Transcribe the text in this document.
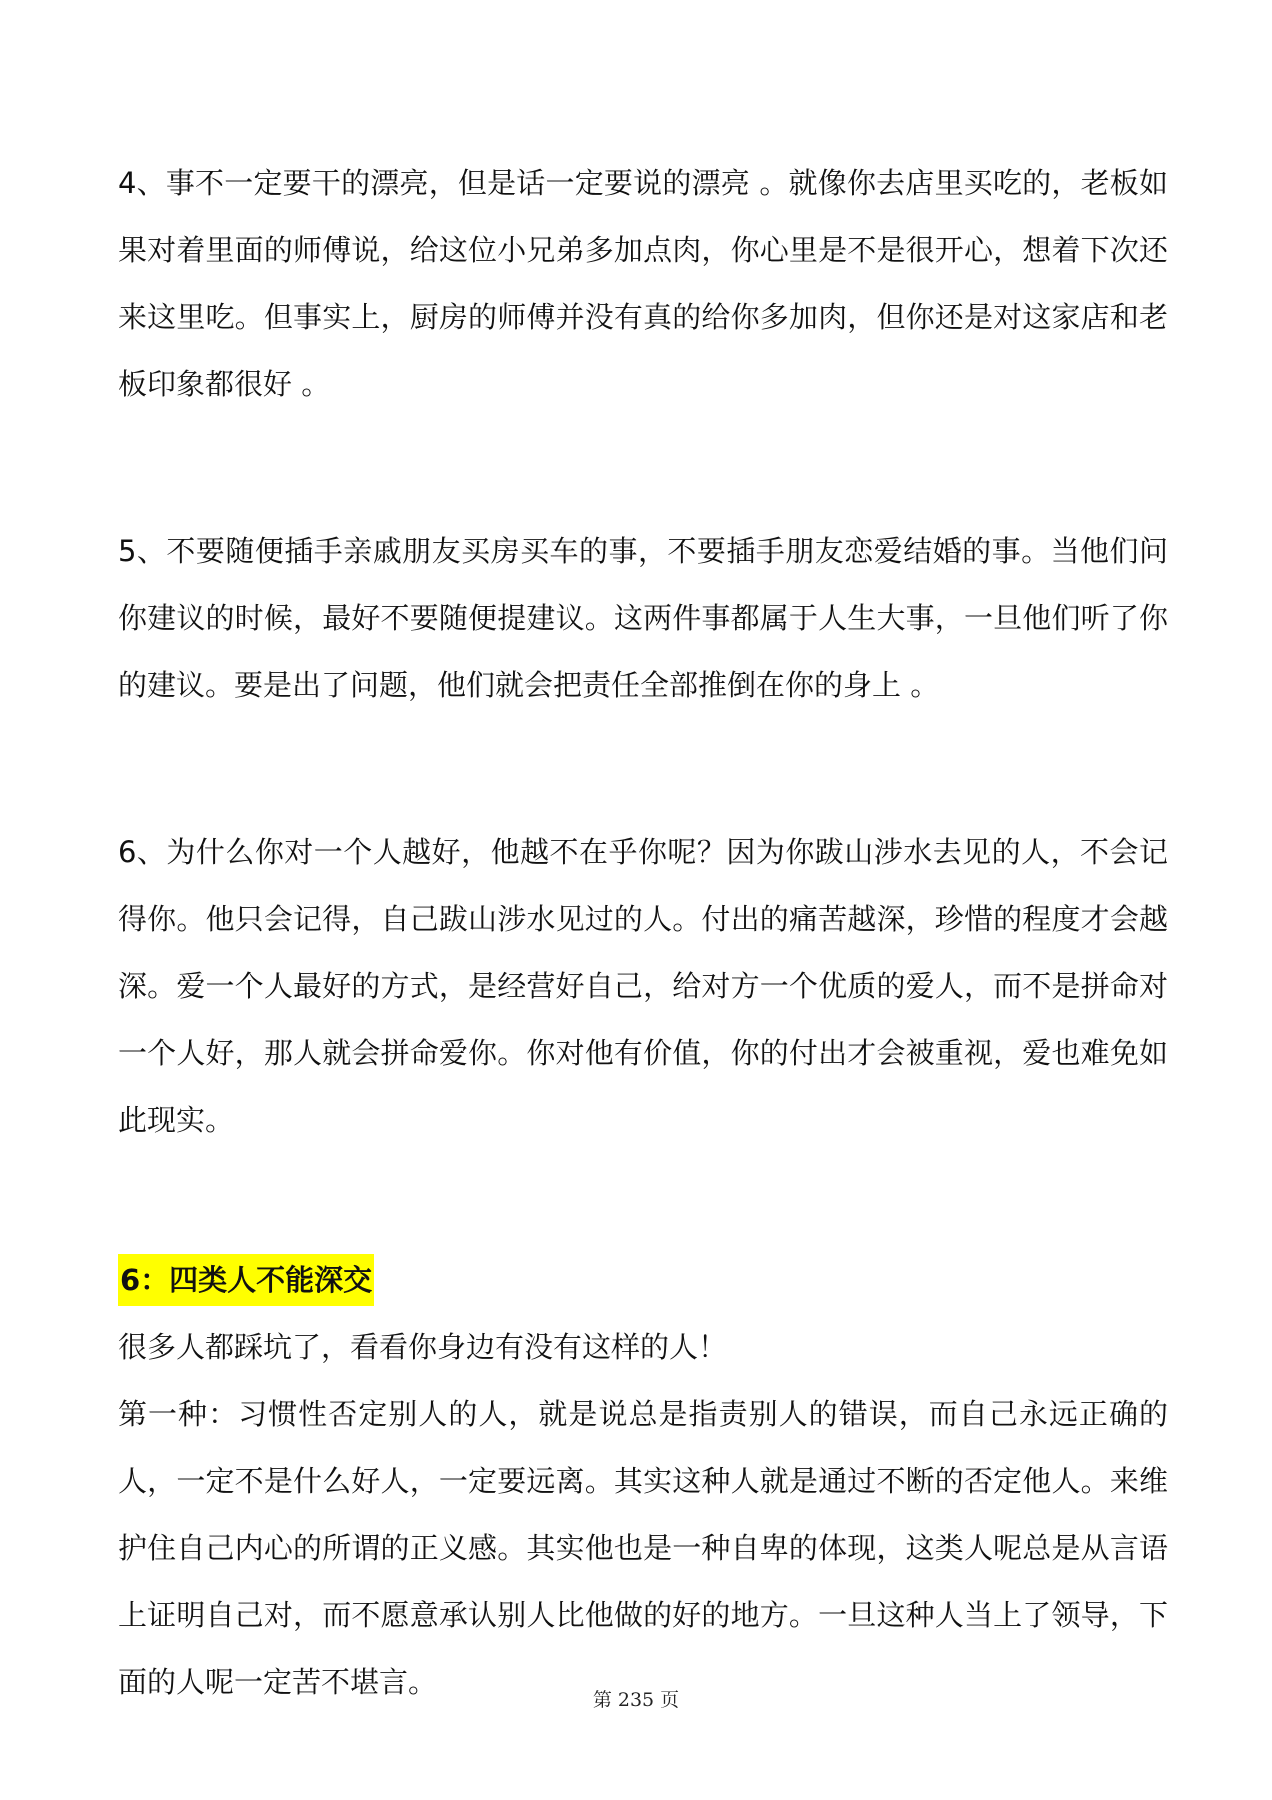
4、事不一定要干的漂亮，但是话一定要说的漂亮 。就像你去店里买吃的，老板如果对着里面的师傅说，给这位小兄弟多加点肉，你心里是不是很开心，想着下次还来这里吃。但事实上，厨房的师傅并没有真的给你多加肉，但你还是对这家店和老板印象都很好 。

5、不要随便插手亲戚朋友买房买车的事，不要插手朋友恋爱结婚的事。当他们问你建议的时候，最好不要随便提建议。这两件事都属于人生大事，一旦他们听了你的建议。要是出了问题，他们就会把责任全部推倒在你的身上 。

6、为什么你对一个人越好，他越不在乎你呢？因为你跋山涉水去见的人，不会记得你。他只会记得，自己跋山涉水见过的人。付出的痛苦越深，珍惜的程度才会越深。爱一个人最好的方式，是经营好自己，给对方一个优质的爱人，而不是拼命对一个人好，那人就会拼命爱你。你对他有价值，你的付出才会被重视，爱也难免如此现实。

6：四类人不能深交

很多人都踩坑了，看看你身边有没有这样的人！

第一种：习惯性否定别人的人，就是说总是指责别人的错误，而自己永远正确的人，一定不是什么好人，一定要远离。其实这种人就是通过不断的否定他人。来维护住自己内心的所谓的正义感。其实他也是一种自卑的体现，这类人呢总是从言语上证明自己对，而不愿意承认别人比他做的好的地方。一旦这种人当上了领导，下面的人呢一定苦不堪言。

第 235 页
